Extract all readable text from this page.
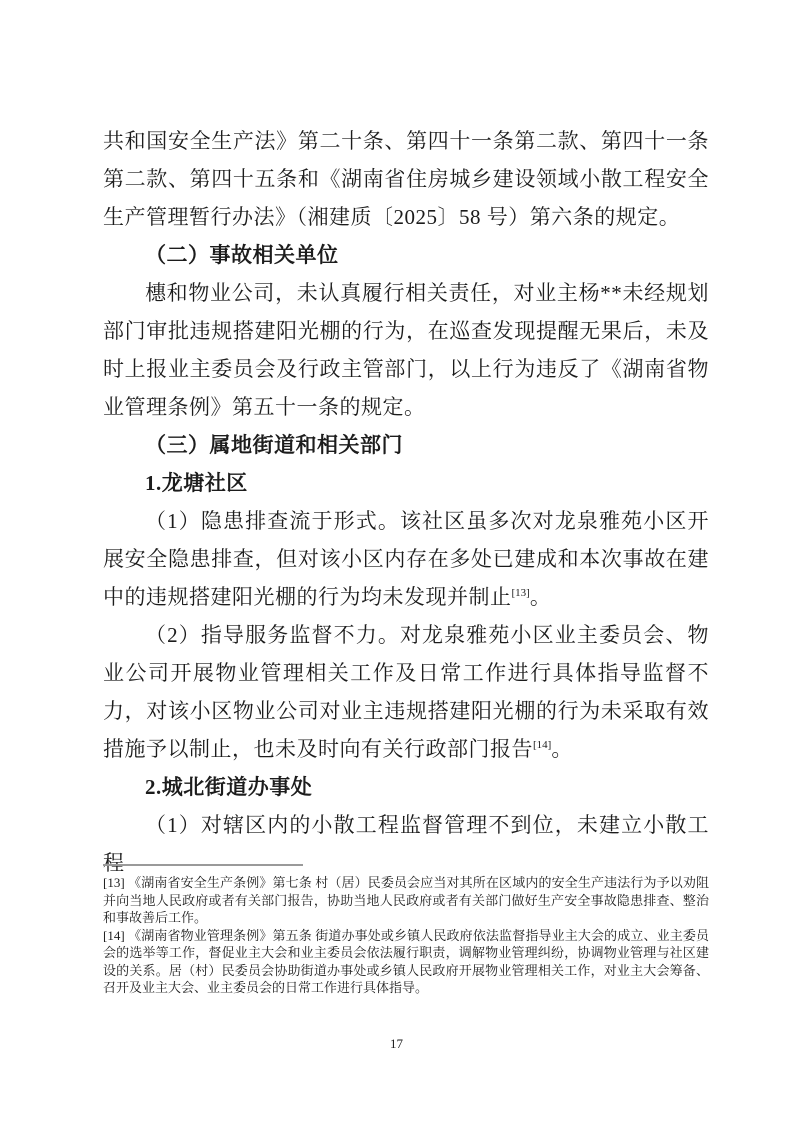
共和国安全生产法》第二十条、第四十一条第二款、第四十一条第二款、第四十五条和《湖南省住房城乡建设领域小散工程安全生产管理暂行办法》（湘建质〔2025〕58 号）第六条的规定。

（二）事故相关单位

橞和物业公司，未认真履行相关责任，对业主杨**未经规划部门审批违规搭建阳光棚的行为，在巡查发现提醒无果后，未及时上报业主委员会及行政主管部门，以上行为违反了《湖南省物业管理条例》第五十一条的规定。

（三）属地街道和相关部门

1.龙塘社区

（1）隐患排查流于形式。该社区虽多次对龙泉雅苑小区开展安全隐患排查，但对该小区内存在多处已建成和本次事故在建中的违规搭建阳光棚的行为均未发现并制止[13]。

（2）指导服务监督不力。对龙泉雅苑小区业主委员会、物业公司开展物业管理相关工作及日常工作进行具体指导监督不力，对该小区物业公司对业主违规搭建阳光棚的行为未采取有效措施予以制止，也未及时向有关行政部门报告[14]。

2.城北街道办事处

（1）对辖区内的小散工程监督管理不到位，未建立小散工程

[13] 《湖南省安全生产条例》第七条 村（居）民委员会应当对其所在区域内的安全生产违法行为予以劝阻并向当地人民政府或者有关部门报告，协助当地人民政府或者有关部门做好生产安全事故隐患排查、整治和事故善后工作。

[14] 《湖南省物业管理条例》第五条 街道办事处或乡镇人民政府依法监督指导业主大会的成立、业主委员会的选举等工作，督促业主大会和业主委员会依法履行职责，调解物业管理纠纷，协调物业管理与社区建设的关系。居（村）民委员会协助街道办事处或乡镇人民政府开展物业管理相关工作，对业主大会筹备、召开及业主大会、业主委员会的日常工作进行具体指导。

17
